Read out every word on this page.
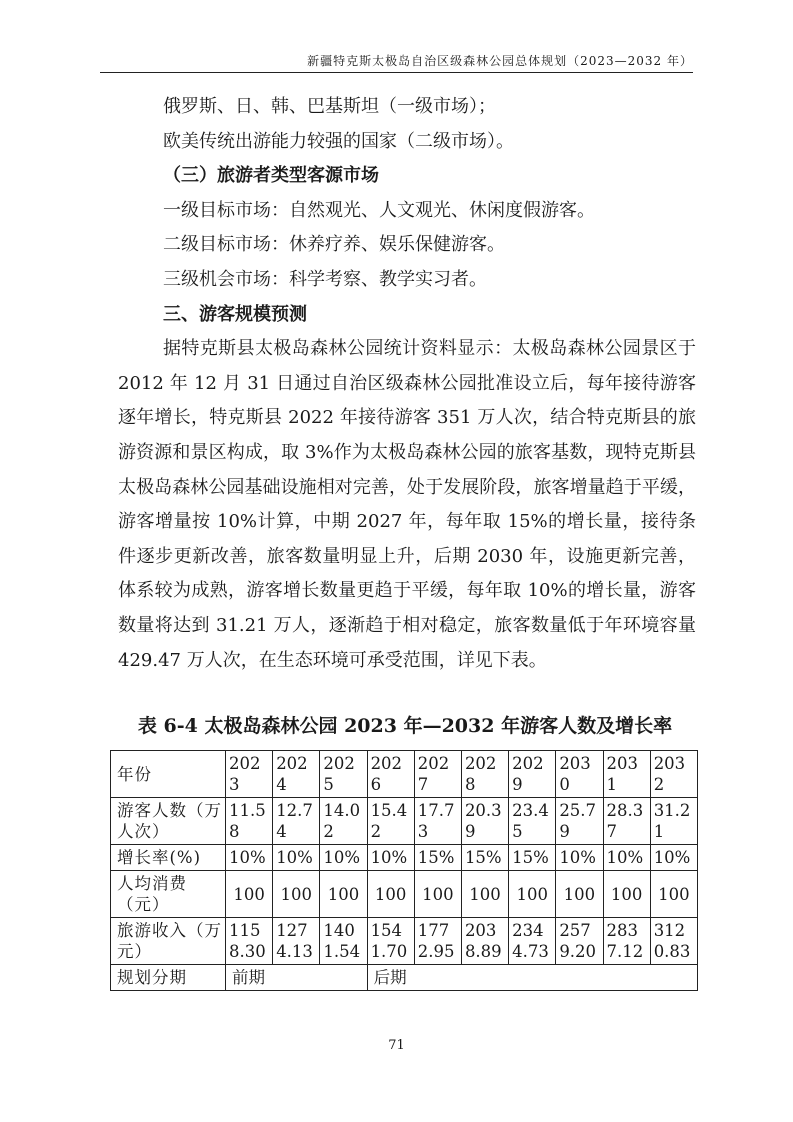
新疆特克斯太极岛自治区级森林公园总体规划（2023—2032 年）

俄罗斯、日、韩、巴基斯坦（一级市场）；

欧美传统出游能力较强的国家（二级市场）。

（三）旅游者类型客源市场

一级目标市场：自然观光、人文观光、休闲度假游客。

二级目标市场：休养疗养、娱乐保健游客。

三级机会市场：科学考察、教学实习者。

三、游客规模预测

据特克斯县太极岛森林公园统计资料显示：太极岛森林公园景区于 2012 年 12 月 31 日通过自治区级森林公园批准设立后，每年接待游客逐年增长，特克斯县 2022 年接待游客 351 万人次，结合特克斯县的旅游资源和景区构成，取 3%作为太极岛森林公园的旅客基数，现特克斯县太极岛森林公园基础设施相对完善，处于发展阶段，旅客增量趋于平缓，游客增量按 10%计算，中期 2027 年，每年取 15%的增长量，接待条件逐步更新改善，旅客数量明显上升，后期 2030 年，设施更新完善，体系较为成熟，游客增长数量更趋于平缓，每年取 10%的增长量，游客数量将达到 31.21 万人，逐渐趋于相对稳定，旅客数量低于年环境容量 429.47 万人次，在生态环境可承受范围，详见下表。

表 6-4 太极岛森林公园 2023 年—2032 年游客人数及增长率
年份	2023	2024	2025	2026	2027	2028	2029	2030	2031	2032
游客人数（万人次）	11.58	12.74	14.02	15.42	17.73	20.39	23.45	25.79	28.37	31.21
增长率(%)	10%	10%	10%	10%	15%	15%	15%	10%	10%	10%
人均消费（元）	100	100	100	100	100	100	100	100	100	100
旅游收入（万元）	1158.30	1274.13	1401.54	1541.70	1772.95	2038.89	2344.73	2579.20	2837.12	3120.83
规划分期	前期			后期						
71
